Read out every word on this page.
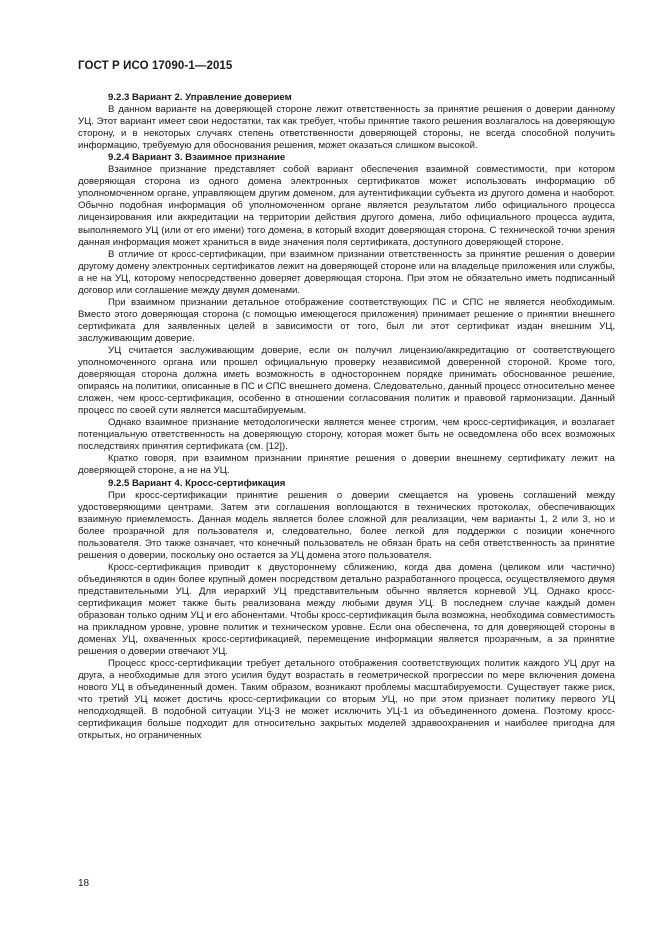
ГОСТ Р ИСО 17090-1—2015
9.2.3 Вариант 2. Управление доверием

В данном варианте на доверяющей стороне лежит ответственность за принятие решения о доверии данному УЦ. Этот вариант имеет свои недостатки, так как требует, чтобы принятие такого решения возлагалось на доверяющую сторону, и в некоторых случаях степень ответственности доверяющей стороны, не всегда способной получить информацию, требуемую для обоснования решения, может оказаться слишком высокой.

9.2.4 Вариант 3. Взаимное признание

Взаимное признание представляет собой вариант обеспечения взаимной совместимости, при котором доверяющая сторона из одного домена электронных сертификатов может использовать информацию об уполномоченном органе, управляющем другим доменом, для аутентификации субъекта из другого домена и наоборот. Обычно подобная информация об уполномоченном органе является результатом либо официального процесса лицензирования или аккредитации на территории действия другого домена, либо официального процесса аудита, выполняемого УЦ (или от его имени) того домена, в который входит доверяющая сторона. С технической точки зрения данная информация может храниться в виде значения поля сертификата, доступного доверяющей стороне.

В отличие от кросс-сертификации, при взаимном признании ответственность за принятие решения о доверии другому домену электронных сертификатов лежит на доверяющей стороне или на владельце приложения или службы, а не на УЦ, которому непосредственно доверяет доверяющая сторона. При этом не обязательно иметь подписанный договор или соглашение между двумя доменами.

При взаимном признании детальное отображение соответствующих ПС и СПС не является необходимым. Вместо этого доверяющая сторона (с помощью имеющегося приложения) принимает решение о принятии внешнего сертификата для заявленных целей в зависимости от того, был ли этот сертификат издан внешним УЦ, заслуживающим доверие.

УЦ считается заслуживающим доверие, если он получил лицензию/аккредитацию от соответствующего уполномоченного органа или прошел официальную проверку независимой доверенной стороной. Кроме того, доверяющая сторона должна иметь возможность в одностороннем порядке принимать обоснованное решение, опираясь на политики, описанные в ПС и СПС внешнего домена. Следовательно, данный процесс относительно менее сложен, чем кросс-сертификация, особенно в отношении согласования политик и правовой гармонизации. Данный процесс по своей сути является масштабируемым.

Однако взаимное признание методологически является менее строгим, чем кросс-сертификация, и возлагает потенциальную ответственность на доверяющую сторону, которая может быть не осведомлена обо всех возможных последствиях принятия сертификата (см. [12]).

Кратко говоря, при взаимном признании принятие решения о доверии внешнему сертификату лежит на доверяющей стороне, а не на УЦ.

9.2.5 Вариант 4. Кросс-сертификация

При кросс-сертификации принятие решения о доверии смещается на уровень соглашений между удостоверяющими центрами. Затем эти соглашения воплощаются в технических протоколах, обеспечивающих взаимную приемлемость. Данная модель является более сложной для реализации, чем варианты 1, 2 или 3, но и более прозрачной для пользователя и, следовательно, более легкой для поддержки с позиции конечного пользователя. Это также означает, что конечный пользователь не обязан брать на себя ответственность за принятие решения о доверии, поскольку оно остается за УЦ домена этого пользователя.

Кросс-сертификация приводит к двустороннему сближению, когда два домена (целиком или частично) объединяются в один более крупный домен посредством детально разработанного процесса, осуществляемого двумя представительными УЦ. Для иерархий УЦ представительным обычно является корневой УЦ. Однако кросс-сертификация может также быть реализована между любыми двумя УЦ. В последнем случае каждый домен образован только одним УЦ и его абонентами. Чтобы кросс-сертификация была возможна, необходима совместимость на прикладном уровне, уровне политик и техническом уровне. Если она обеспечена, то для доверяющей стороны в доменах УЦ, охваченных кросс-сертификацией, перемещение информации является прозрачным, а за принятие решения о доверии отвечают УЦ.

Процесс кросс-сертификации требует детального отображения соответствующих политик каждого УЦ друг на друга, а необходимые для этого усилия будут возрастать в геометрической прогрессии по мере включения домена нового УЦ в объединенный домен. Таким образом, возникают проблемы масштабируемости. Существует также риск, что третий УЦ может достичь кросс-сертификации со вторым УЦ, но при этом признает политику первого УЦ неподходящей. В подобной ситуации УЦ-3 не может исключить УЦ-1 из объединенного домена. Поэтому кросс-сертификация больше подходит для относительно закрытых моделей здравоохранения и наиболее пригодна для открытых, но ограниченных

18
